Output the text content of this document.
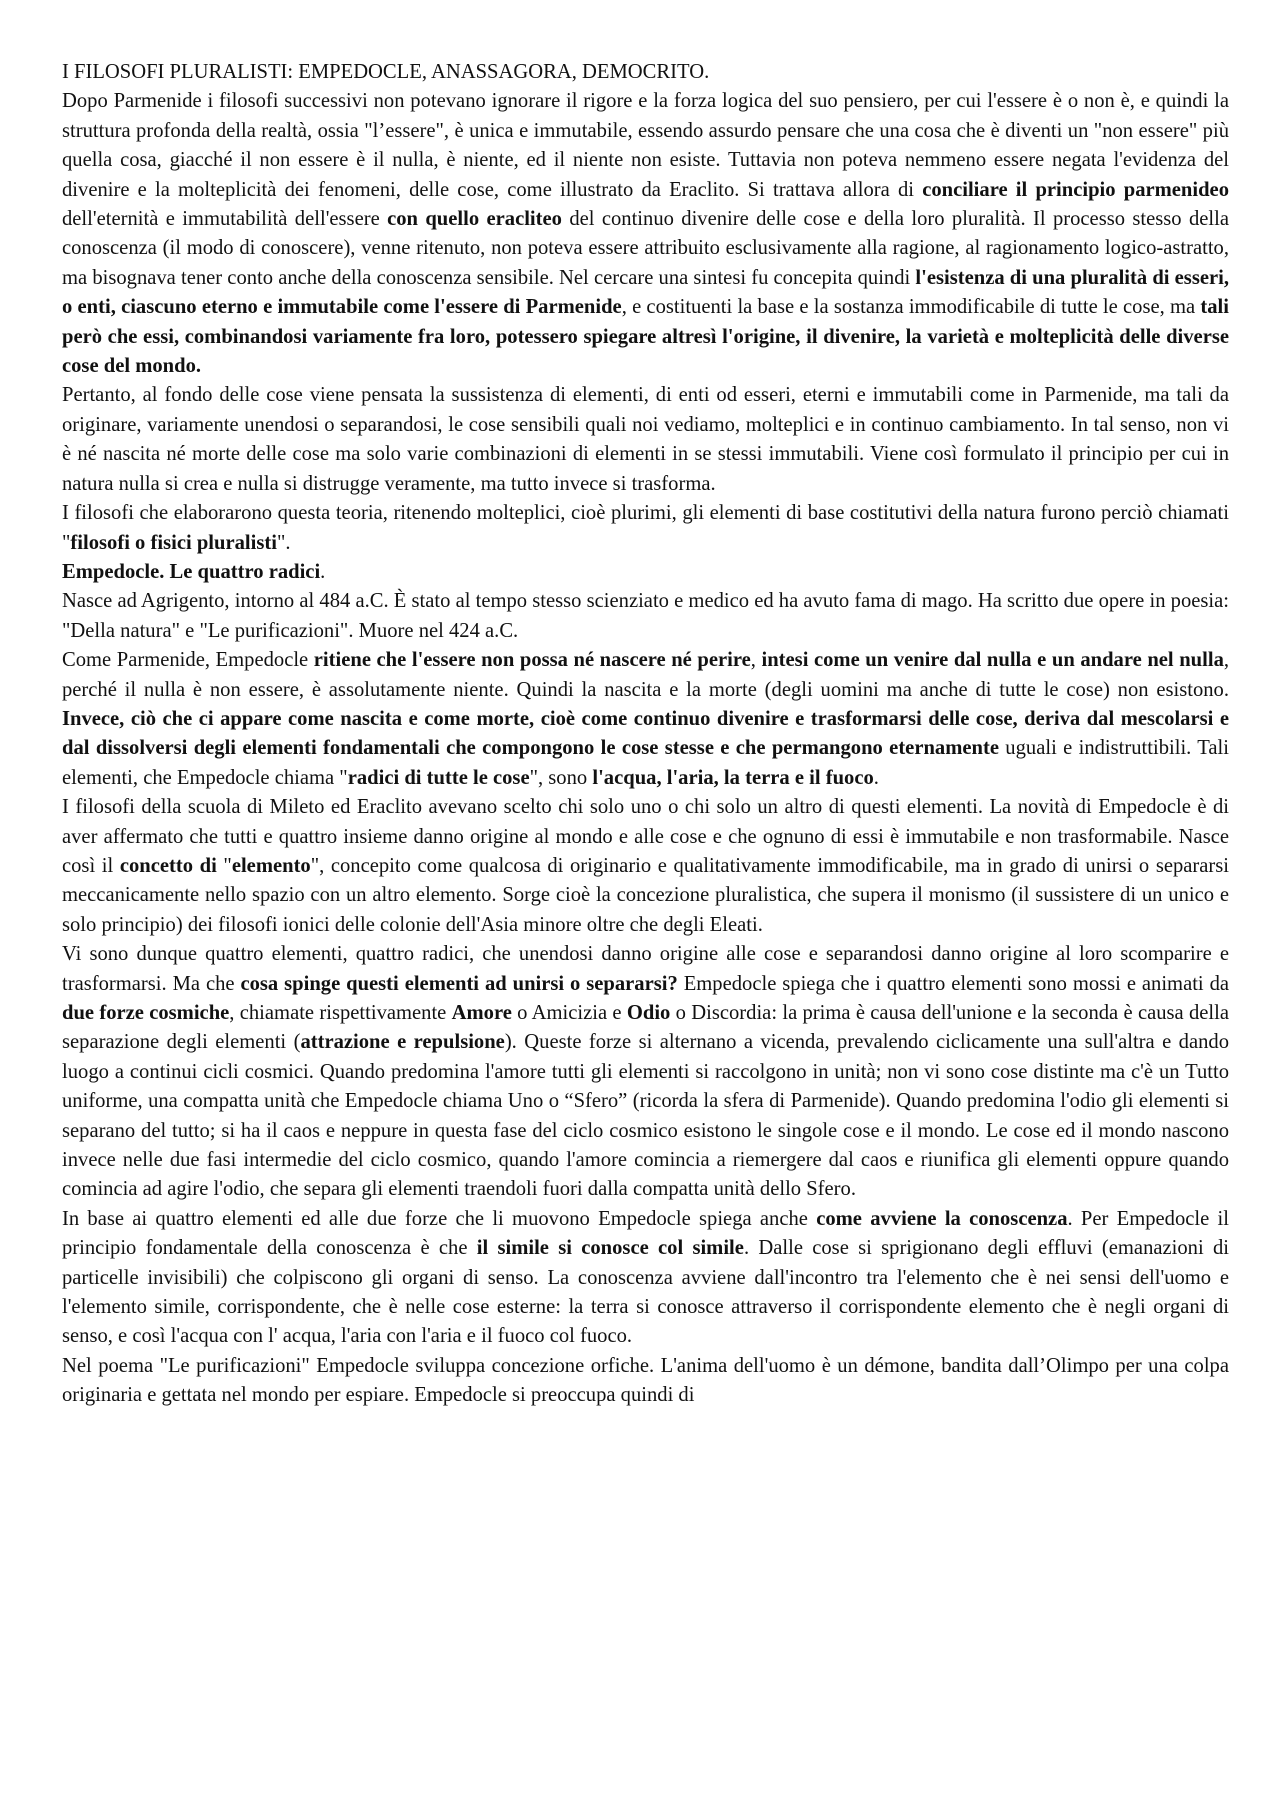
I FILOSOFI PLURALISTI: EMPEDOCLE, ANASSAGORA, DEMOCRITO.

Dopo Parmenide i filosofi successivi non potevano ignorare il rigore e la forza logica del suo pensiero, per cui l'essere è o non è, e quindi la struttura profonda della realtà, ossia "l’essere", è unica e immutabile, essendo assurdo pensare che una cosa che è diventi un "non essere" più quella cosa, giacché il non essere è il nulla, è niente, ed il niente non esiste. Tuttavia non poteva nemmeno essere negata l'evidenza del divenire e la molteplicità dei fenomeni, delle cose, come illustrato da Eraclito. Si trattava allora di conciliare il principio parmenideo dell'eternità e immutabilità dell'essere con quello eracliteo del continuo divenire delle cose e della loro pluralità. Il processo stesso della conoscenza (il modo di conoscere), venne ritenuto, non poteva essere attribuito esclusivamente alla ragione, al ragionamento logico-astratto, ma bisognava tener conto anche della conoscenza sensibile. Nel cercare una sintesi fu concepita quindi l'esistenza di una pluralità di esseri, o enti, ciascuno eterno e immutabile come l'essere di Parmenide, e costituenti la base e la sostanza immodificabile di tutte le cose, ma tali però che essi, combinandosi variamente fra loro, potessero spiegare altresì l'origine, il divenire, la varietà e molteplicità delle diverse cose del mondo.

Pertanto, al fondo delle cose viene pensata la sussistenza di elementi, di enti od esseri, eterni e immutabili come in Parmenide, ma tali da originare, variamente unendosi o separandosi, le cose sensibili quali noi vediamo, molteplici e in continuo cambiamento. In tal senso, non vi è né nascita né morte delle cose ma solo varie combinazioni di elementi in se stessi immutabili. Viene così formulato il principio per cui in natura nulla si crea e nulla si distrugge veramente, ma tutto invece si trasforma.

I filosofi che elaborarono questa teoria, ritenendo molteplici, cioè plurimi, gli elementi di base costitutivi della natura furono perciò chiamati "filosofi o fisici pluralisti".

Empedocle. Le quattro radici.

Nasce ad Agrigento, intorno al 484 a.C. È stato al tempo stesso scienziato e medico ed ha avuto fama di mago. Ha scritto due opere in poesia: "Della natura" e "Le purificazioni". Muore nel 424 a.C.

Come Parmenide, Empedocle ritiene che l'essere non possa né nascere né perire, intesi come un venire dal nulla e un andare nel nulla, perché il nulla è non essere, è assolutamente niente. Quindi la nascita e la morte (degli uomini ma anche di tutte le cose) non esistono. Invece, ciò che ci appare come nascita e come morte, cioè come continuo divenire e trasformarsi delle cose, deriva dal mescolarsi e dal dissolversi degli elementi fondamentali che compongono le cose stesse e che permangono eternamente uguali e indistruttibili. Tali elementi, che Empedocle chiama "radici di tutte le cose", sono l'acqua, l'aria, la terra e il fuoco.

I filosofi della scuola di Mileto ed Eraclito avevano scelto chi solo uno o chi solo un altro di questi elementi. La novità di Empedocle è di aver affermato che tutti e quattro insieme danno origine al mondo e alle cose e che ognuno di essi è immutabile e non trasformabile. Nasce così il concetto di "elemento", concepito come qualcosa di originario e qualitativamente immodificabile, ma in grado di unirsi o separarsi meccanicamente nello spazio con un altro elemento. Sorge cioè la concezione pluralistica, che supera il monismo (il sussistere di un unico e solo principio) dei filosofi ionici delle colonie dell'Asia minore oltre che degli Eleati.

Vi sono dunque quattro elementi, quattro radici, che unendosi danno origine alle cose e separandosi danno origine al loro scomparire e trasformarsi. Ma che cosa spinge questi elementi ad unirsi o separarsi? Empedocle spiega che i quattro elementi sono mossi e animati da due forze cosmiche, chiamate rispettivamente Amore o Amicizia e Odio o Discordia: la prima è causa dell'unione e la seconda è causa della separazione degli elementi (attrazione e repulsione). Queste forze si alternano a vicenda, prevalendo ciclicamente una sull'altra e dando luogo a continui cicli cosmici. Quando predomina l'amore tutti gli elementi si raccolgono in unità; non vi sono cose distinte ma c'è un Tutto uniforme, una compatta unità che Empedocle chiama Uno o “Sfero” (ricorda la sfera di Parmenide). Quando predomina l'odio gli elementi si separano del tutto; si ha il caos e neppure in questa fase del ciclo cosmico esistono le singole cose e il mondo. Le cose ed il mondo nascono invece nelle due fasi intermedie del ciclo cosmico, quando l'amore comincia a riemergere dal caos e riunifica gli elementi oppure quando comincia ad agire l'odio, che separa gli elementi traendoli fuori dalla compatta unità dello Sfero.

In base ai quattro elementi ed alle due forze che li muovono Empedocle spiega anche come avviene la conoscenza. Per Empedocle il principio fondamentale della conoscenza è che il simile si conosce col simile. Dalle cose si sprigionano degli effluvi (emanazioni di particelle invisibili) che colpiscono gli organi di senso. La conoscenza avviene dall'incontro tra l'elemento che è nei sensi dell'uomo e l'elemento simile, corrispondente, che è nelle cose esterne: la terra si conosce attraverso il corrispondente elemento che è negli organi di senso, e così l'acqua con l' acqua, l'aria con l'aria e il fuoco col fuoco.

Nel poema "Le purificazioni" Empedocle sviluppa concezione orfiche. L'anima dell'uomo è un démone, bandita dall’Olimpo per una colpa originaria e gettata nel mondo per espiare. Empedocle si preoccupa quindi di
